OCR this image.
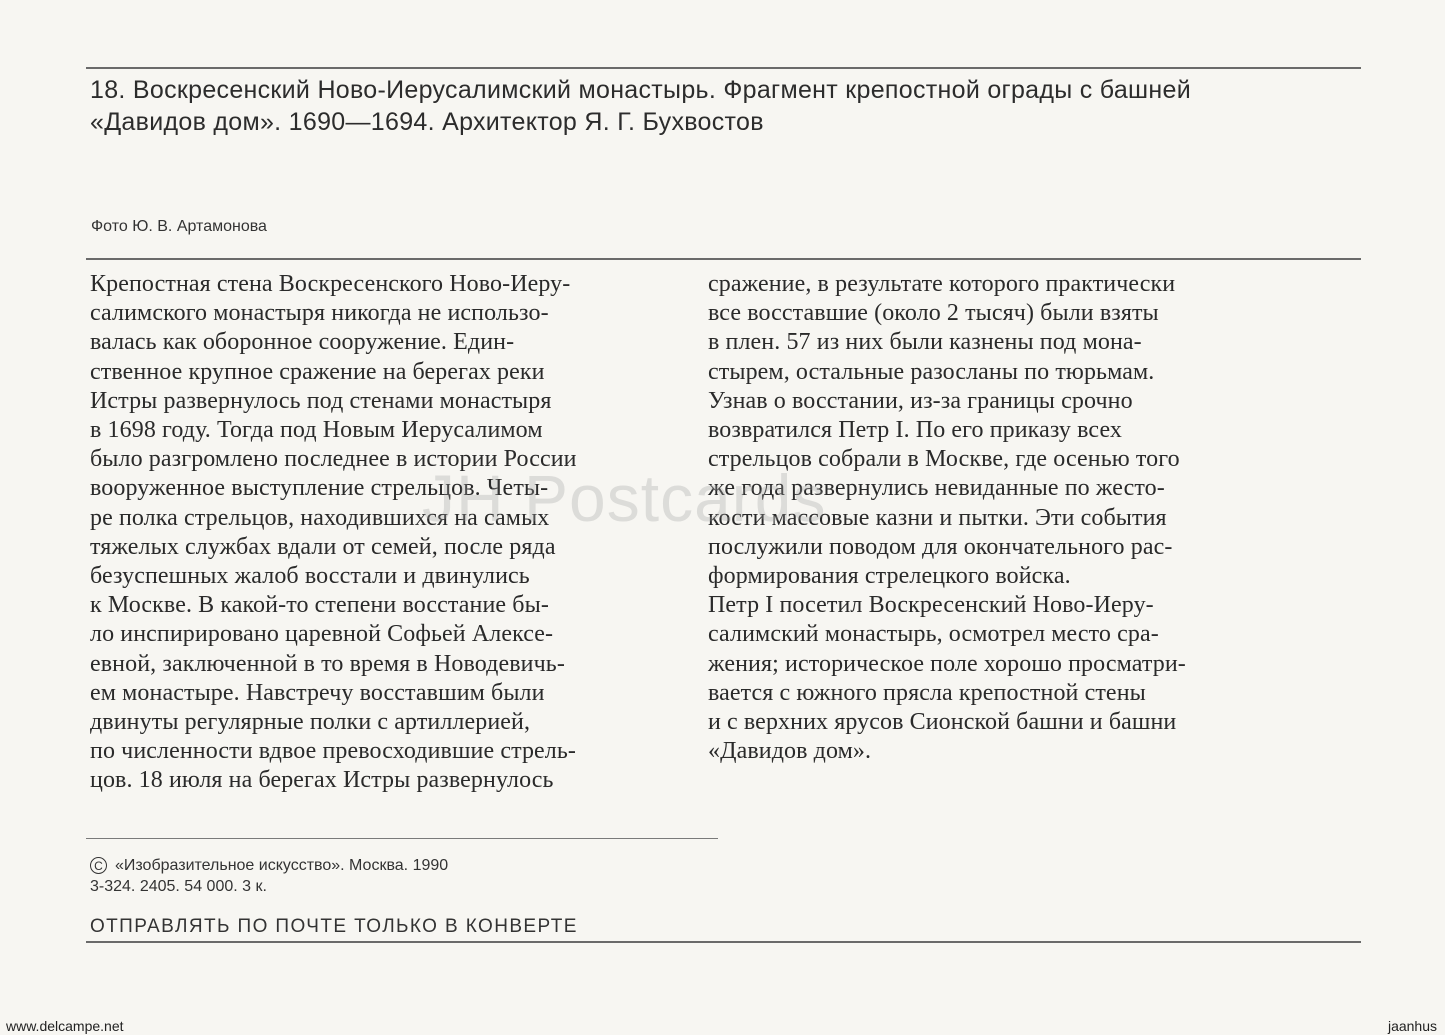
18. Воскресенский Ново-Иерусалимский монастырь. Фрагмент крепостной ограды с башней
«Давидов дом». 1690—1694. Архитектор Я. Г. Бухвостов
Фото Ю. В. Артамонова
Крепостная стена Воскресенского Ново-Иеру-
салимского монастыря никогда не использо-
валась как оборонное сооружение. Един-
ственное крупное сражение на берегах реки
Истры развернулось под стенами монастыря
в 1698 году. Тогда под Новым Иерусалимом
было разгромлено последнее в истории России
вооруженное выступление стрельцов. Четы-
ре полка стрельцов, находившихся на самых
тяжелых службах вдали от семей, после ряда
безуспешных жалоб восстали и двинулись
к Москве. В какой-то степени восстание бы-
ло инспирировано царевной Софьей Алексе-
евной, заключенной в то время в Новодевичь-
ем монастыре. Навстречу восставшим были
двинуты регулярные полки с артиллерией,
по численности вдвое превосходившие стрель-
цов. 18 июля на берегах Истры развернулось
сражение, в результате которого практически
все восставшие (около 2 тысяч) были взяты
в плен. 57 из них были казнены под мона-
стырем, остальные разосланы по тюрьмам.
Узнав о восстании, из-за границы срочно
возвратился Петр I. По его приказу всех
стрельцов собрали в Москве, где осенью того
же года развернулись невиданные по жесто-
кости массовые казни и пытки. Эти события
послужили поводом для окончательного рас-
формирования стрелецкого войска.
Петр I посетил Воскресенский Ново-Иеру-
салимский монастырь, осмотрел место сра-
жения; историческое поле хорошо просматри-
вается с южного прясла крепостной стены
и с верхних ярусов Сионской башни и башни
«Давидов дом».
C «Изобразительное искусство». Москва. 1990
3-324. 2405. 54 000. 3 к.
ОТПРАВЛЯТЬ ПО ПОЧТЕ ТОЛЬКО В КОНВЕРТЕ
JH Postcards
www.delcampe.net	jaanhus
